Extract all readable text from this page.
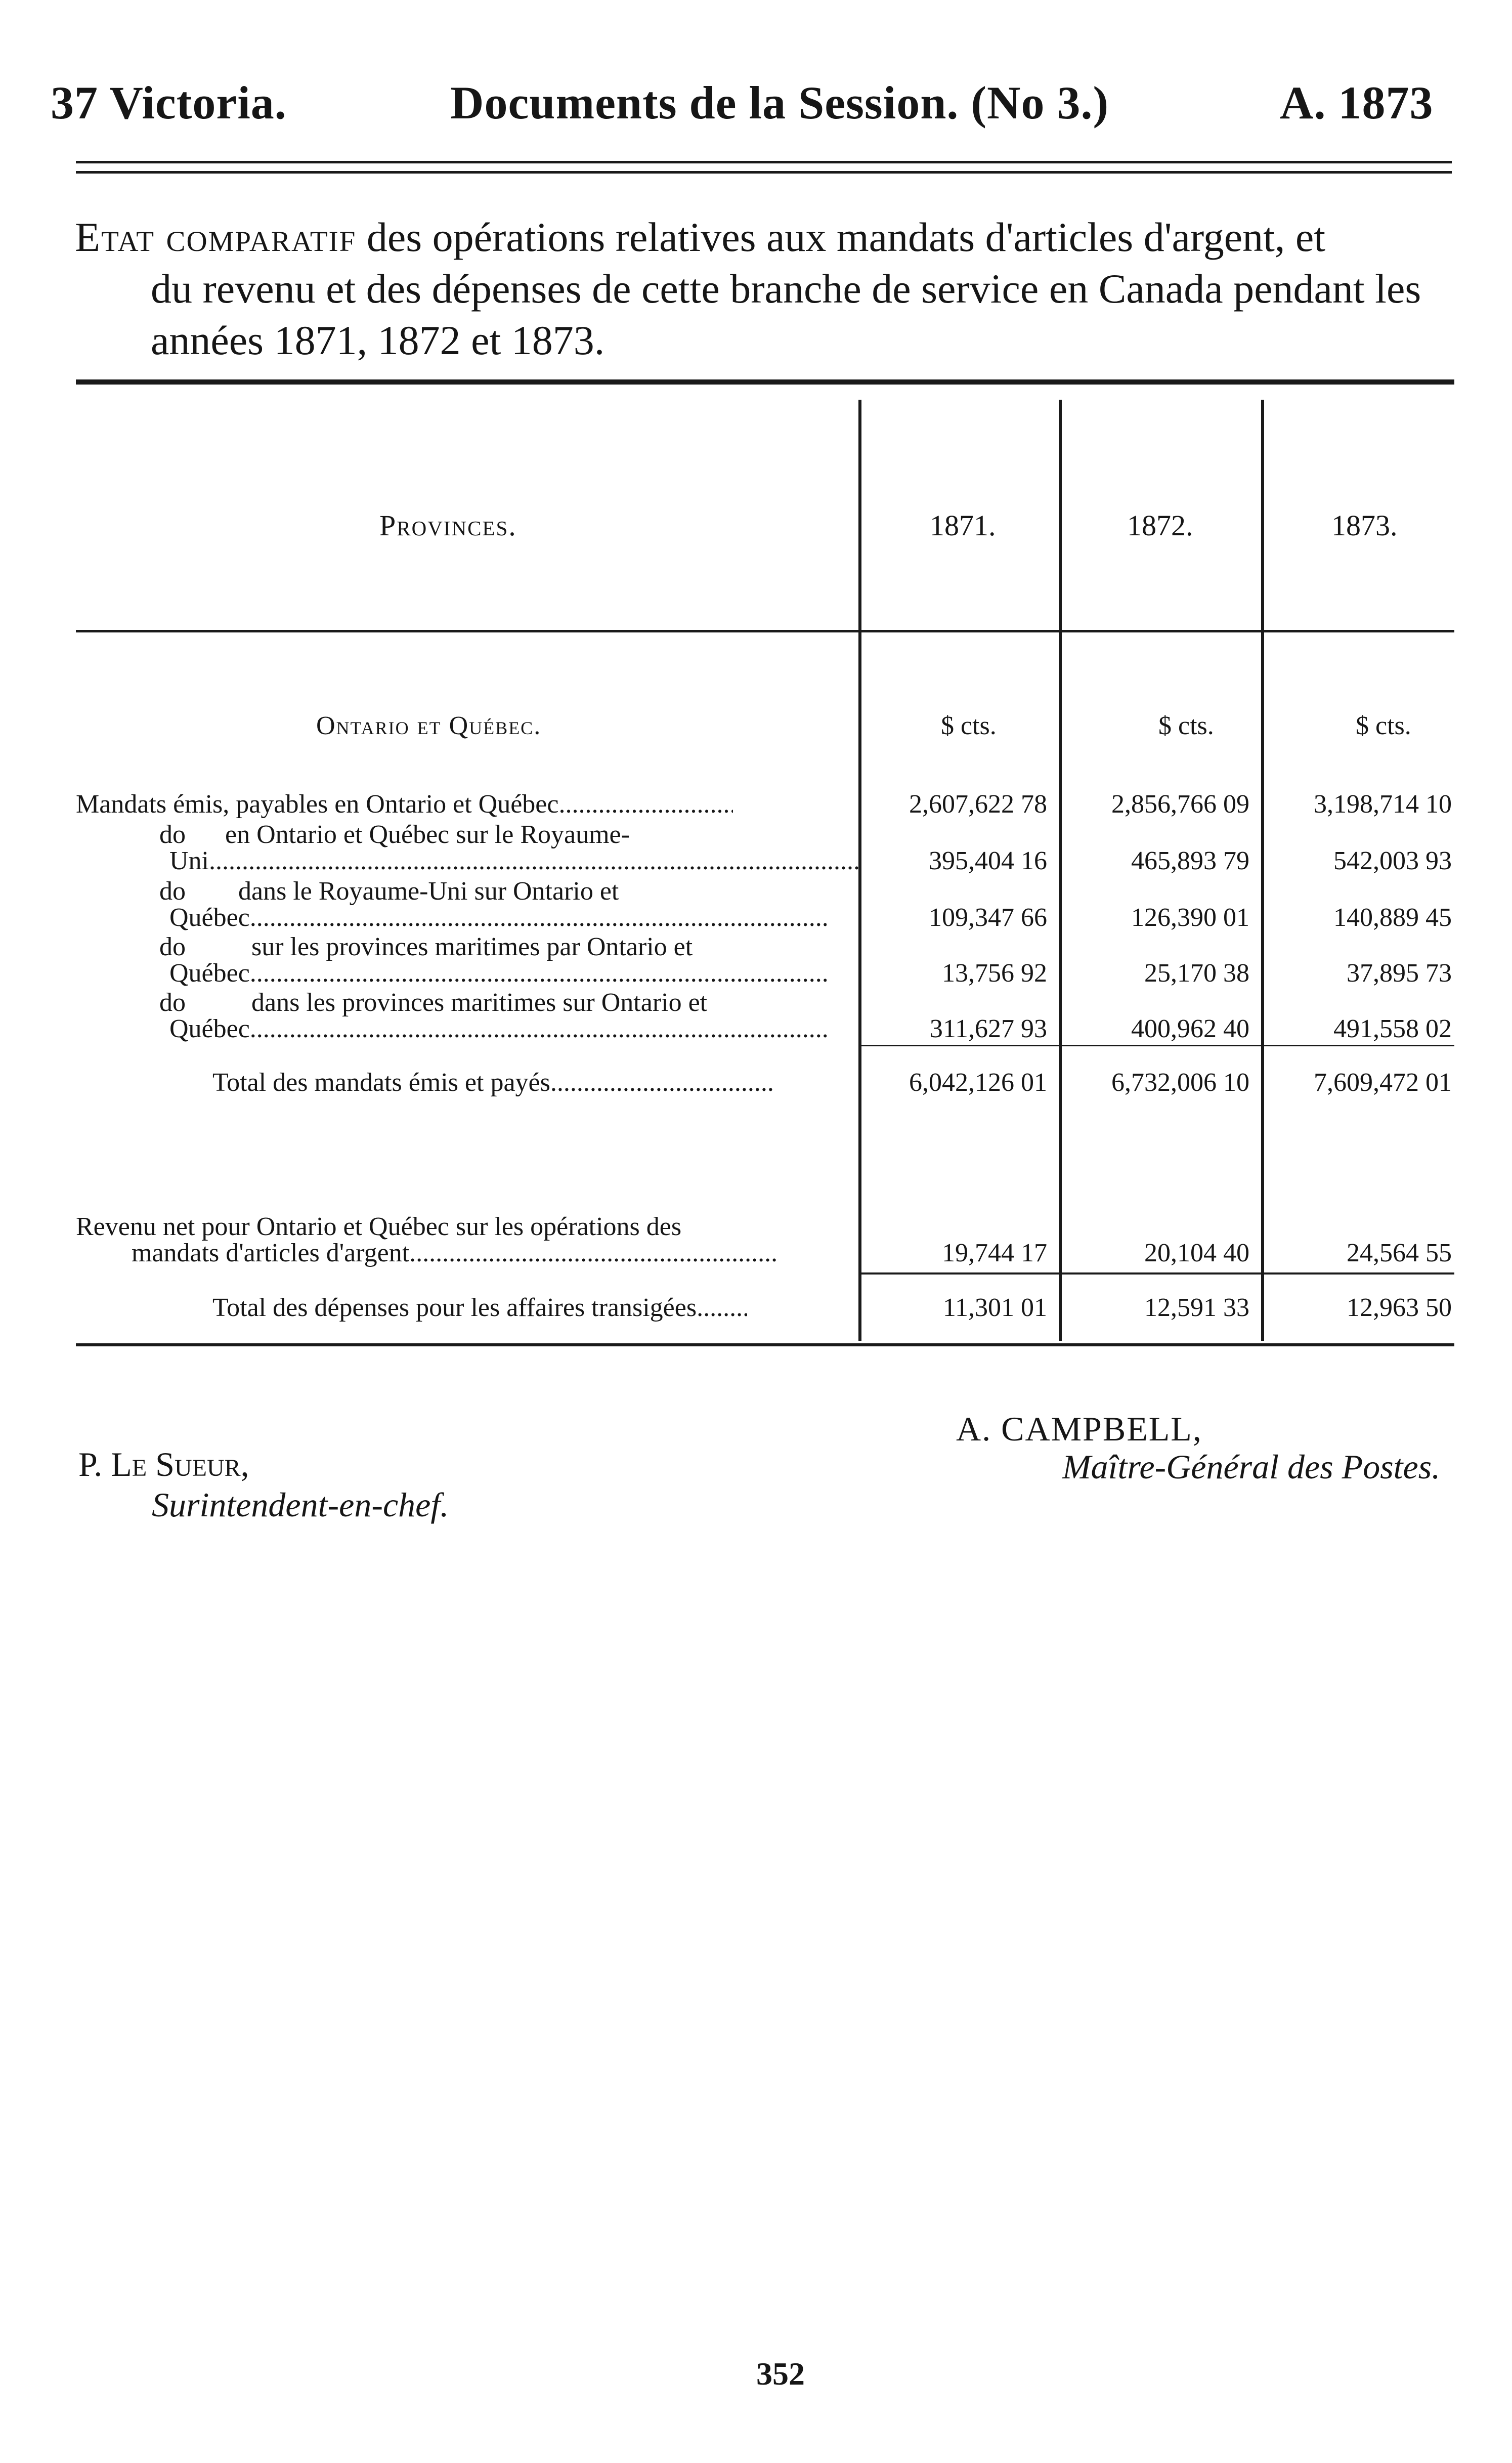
37 Victoria.	Documents de la Session. (No 3.)	A. 1873
Etat comparatif des opérations relatives aux mandats d'articles d'argent, et
du revenu et des dépenses de cette branche de service en Canada pendant les
années 1871, 1872 et 1873.
Provinces.	1871.	1872.	1873.
Ontario et Québec.	$ cts.	$ cts.	$ cts.
Mandats émis, payables en Ontario et Québec .....	2,607,622 78	2,856,766 09	3,198,714 10
do      en Ontario et Québec sur le Royaume-
Uni .....	395,404 16	465,893 79	542,003 93
do        dans le Royaume-Uni sur Ontario et
Québec .....	109,347 66	126,390 01	140,889 45
do          sur les provinces maritimes par Ontario et
Québec .....	13,756 92	25,170 38	37,895 73
do          dans les provinces maritimes sur Ontario et
Québec .....	311,627 93	400,962 40	491,558 02
Total des mandats émis et payés .....	6,042,126 01	6,732,006 10	7,609,472 01
Revenu net pour Ontario et Québec sur les opérations des
mandats d'articles d'argent .....	19,744 17	20,104 40	24,564 55
Total des dépenses pour les affaires transigées .....	11,301 01	12,591 33	12,963 50
P. Le Sueur,
Surintendent-en-chef.
A. CAMPBELL,
Maître-Général des Postes.
352
